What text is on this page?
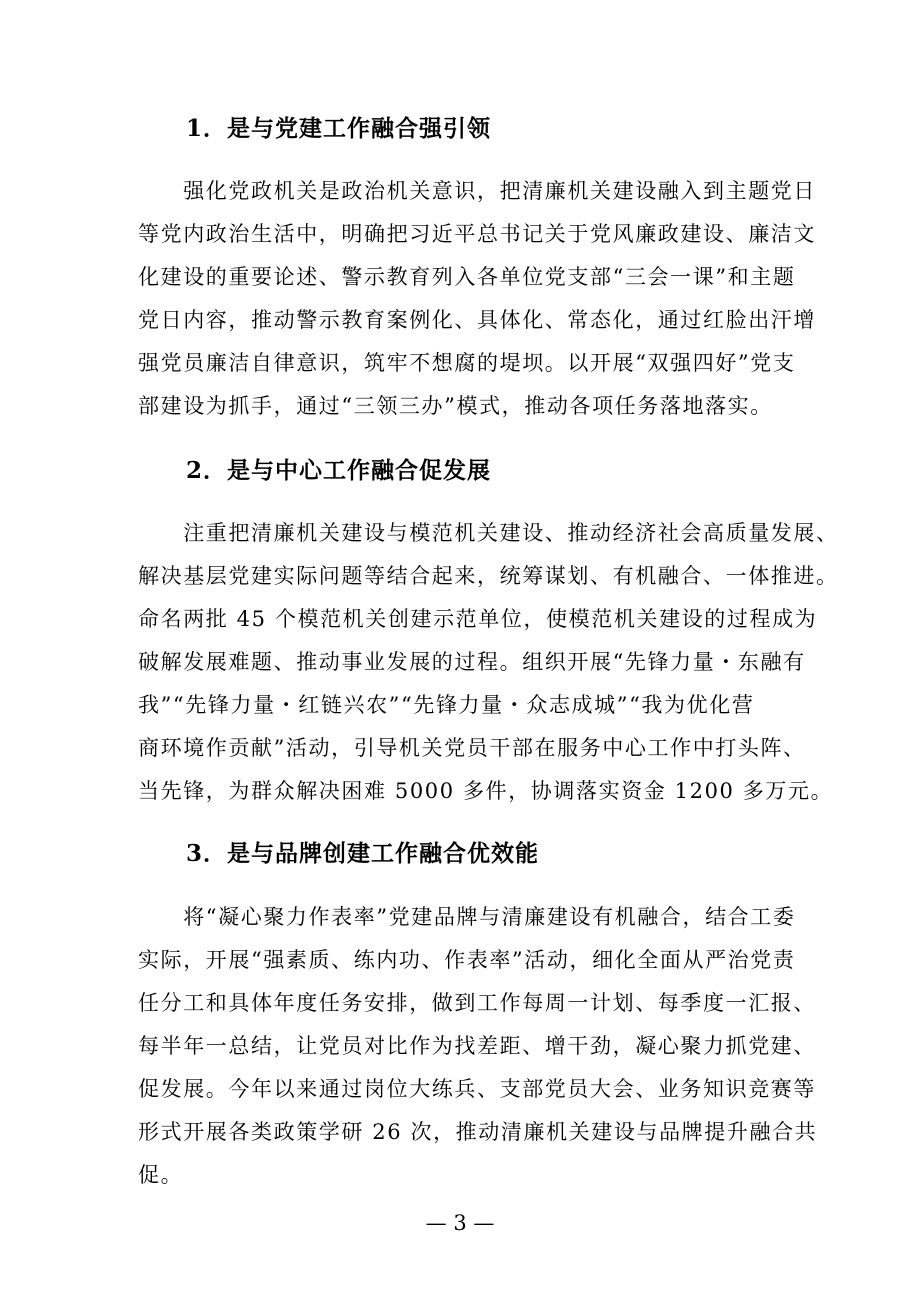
1．是与党建工作融合强引领
　　强化党政机关是政治机关意识，把清廉机关建设融入到主题党日
等党内政治生活中，明确把习近平总书记关于党风廉政建设、廉洁文
化建设的重要论述、警示教育列入各单位党支部“三会一课”和主题
党日内容，推动警示教育案例化、具体化、常态化，通过红脸出汗增
强党员廉洁自律意识，筑牢不想腐的堤坝。以开展“双强四好”党支
部建设为抓手，通过“三领三办”模式，推动各项任务落地落实。
2．是与中心工作融合促发展
　　注重把清廉机关建设与模范机关建设、推动经济社会高质量发展、
解决基层党建实际问题等结合起来，统筹谋划、有机融合、一体推进。
命名两批 45 个模范机关创建示范单位，使模范机关建设的过程成为
破解发展难题、推动事业发展的过程。组织开展“先锋力量・东融有
我”“先锋力量・红链兴农”“先锋力量・众志成城”“我为优化营
商环境作贡献”活动，引导机关党员干部在服务中心工作中打头阵、
当先锋，为群众解决困难 5000 多件，协调落实资金 1200 多万元。
3．是与品牌创建工作融合优效能
　　将“凝心聚力作表率”党建品牌与清廉建设有机融合，结合工委
实际，开展“强素质、练内功、作表率”活动，细化全面从严治党责
任分工和具体年度任务安排，做到工作每周一计划、每季度一汇报、
每半年一总结，让党员对比作为找差距、增干劲，凝心聚力抓党建、
促发展。今年以来通过岗位大练兵、支部党员大会、业务知识竞赛等
形式开展各类政策学研 26 次，推动清廉机关建设与品牌提升融合共
促。
— 3 —
